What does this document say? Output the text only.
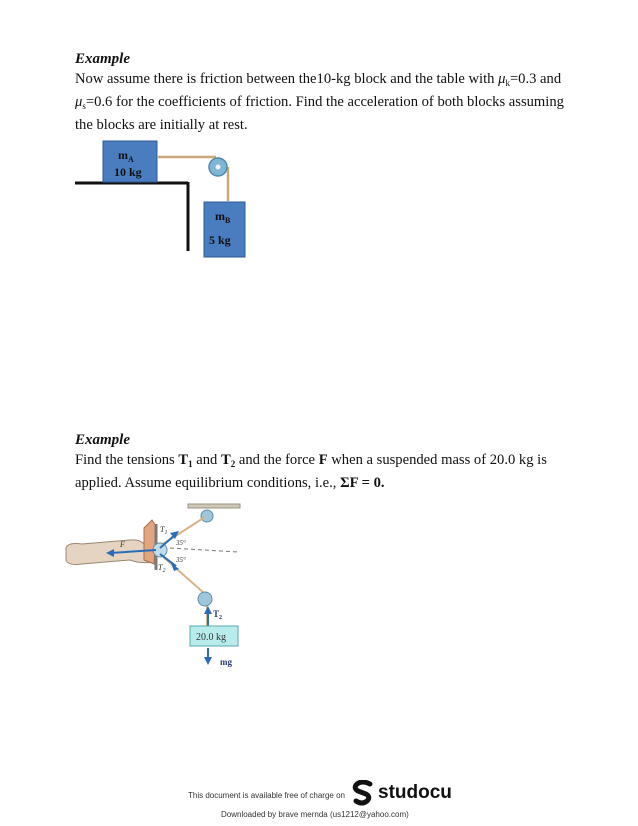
Example
Now assume there is friction between the10-kg block and the table with $\mu_k=0.3$ and $\mu_s=0.6$ for the coefficients of friction. Find the acceleration of both blocks assuming the blocks are initially at rest.
$m_A$
10 kg
$m_B$
5 kg
Example
Find the tensions $T_1$ and $T_2$ and the force F when a suspended mass of 20.0 kg is applied. Assume equilibrium conditions, i.e., ΣF = 0.
F
$T_1$
$T_2$
35°
35°
$T_2$
20.0 kg
mg
This document is available free of charge on studocu
Downloaded by brave mernda (us1212@yahoo.com)
